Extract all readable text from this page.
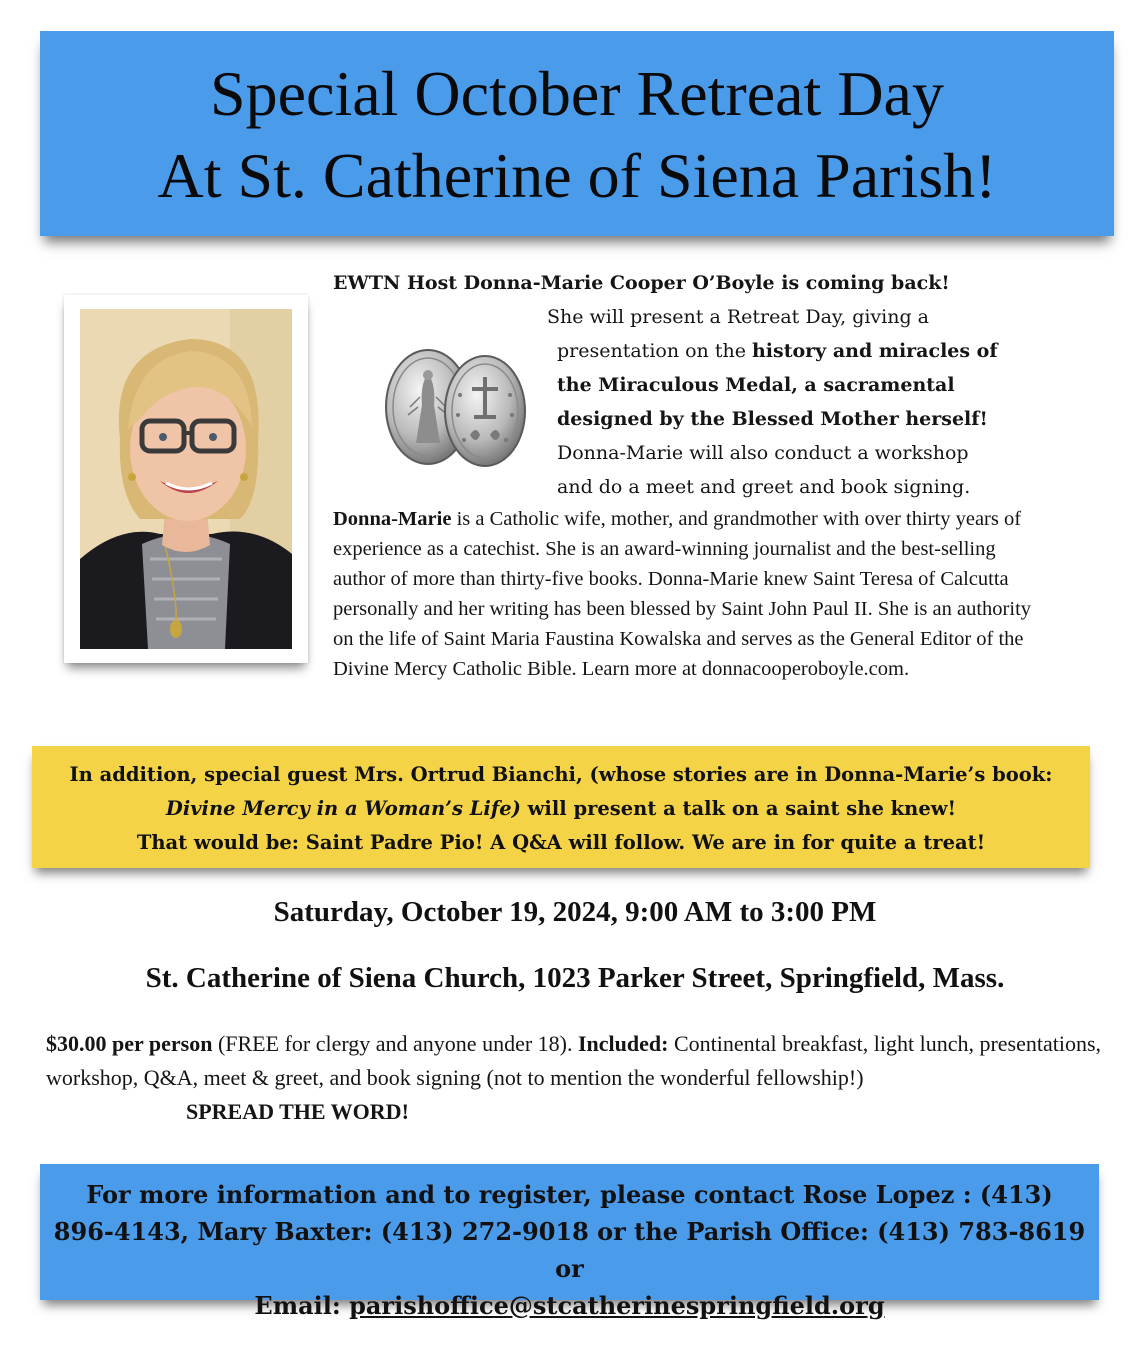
Special October Retreat Day
At St. Catherine of Siena Parish!
EWTN Host Donna-Marie Cooper O’Boyle is coming back!
She will present a Retreat Day, giving a
presentation on the history and miracles of
the Miraculous Medal, a sacramental
designed by the Blessed Mother herself!
Donna-Marie will also conduct a workshop
and do a meet and greet and book signing.
Donna-Marie is a Catholic wife, mother, and grandmother with over thirty years of experience as a catechist. She is an award-winning journalist and the best-selling author of more than thirty-five books. Donna-Marie knew Saint Teresa of Calcutta personally and her writing has been blessed by Saint John Paul II. She is an authority on the life of Saint Maria Faustina Kowalska and serves as the General Editor of the Divine Mercy Catholic Bible. Learn more at donnacooperoboyle.com.
In addition, special guest Mrs. Ortrud Bianchi, (whose stories are in Donna-Marie’s book:
Divine Mercy in a Woman’s Life) will present a talk on a saint she knew!
That would be: Saint Padre Pio! A Q&A will follow. We are in for quite a treat!
Saturday, October 19, 2024, 9:00 AM to 3:00 PM
St. Catherine of Siena Church, 1023 Parker Street, Springfield, Mass.
$30.00 per person (FREE for clergy and anyone under 18). Included: Continental breakfast, light lunch, presentations, workshop, Q&A, meet & greet, and book signing (not to mention the wonderful fellowship!)SPREAD THE WORD!
For more information and to register, please contact Rose Lopez : (413)
896-4143, Mary Baxter: (413) 272-9018 or the Parish Office: (413) 783-8619 or
Email: parishoffice@stcatherinespringfield.org
